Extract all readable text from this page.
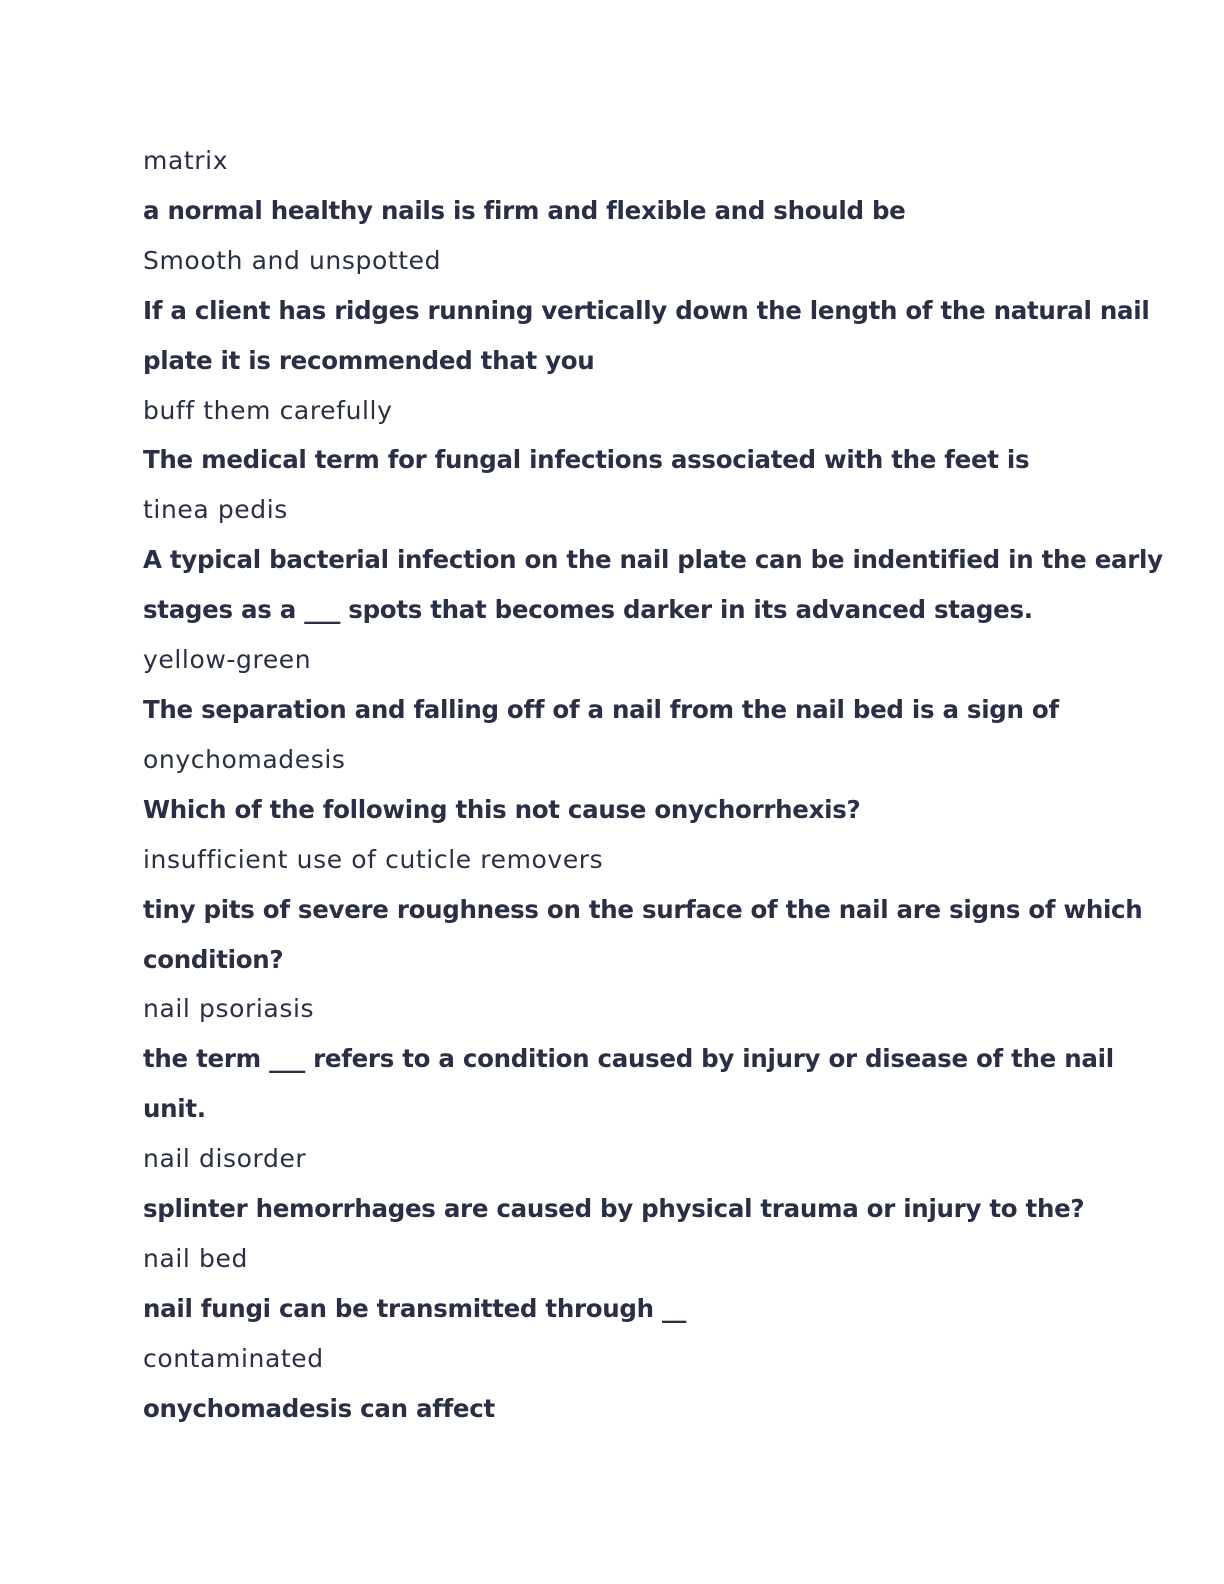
matrix
a normal healthy nails is firm and flexible and should be
Smooth and unspotted
If a client has ridges running vertically down the length of the natural nail
plate it is recommended that you
buff them carefully
The medical term for fungal infections associated with the feet is
tinea pedis
A typical bacterial infection on the nail plate can be indentified in the early
stages as a ___ spots that becomes darker in its advanced stages.
yellow-green
The separation and falling off of a nail from the nail bed is a sign of
onychomadesis
Which of the following this not cause onychorrhexis?
insufficient use of cuticle removers
tiny pits of severe roughness on the surface of the nail are signs of which
condition?
nail psoriasis
the term ___ refers to a condition caused by injury or disease of the nail
unit.
nail disorder
splinter hemorrhages are caused by physical trauma or injury to the?
nail bed
nail fungi can be transmitted through __
contaminated
onychomadesis can affect
